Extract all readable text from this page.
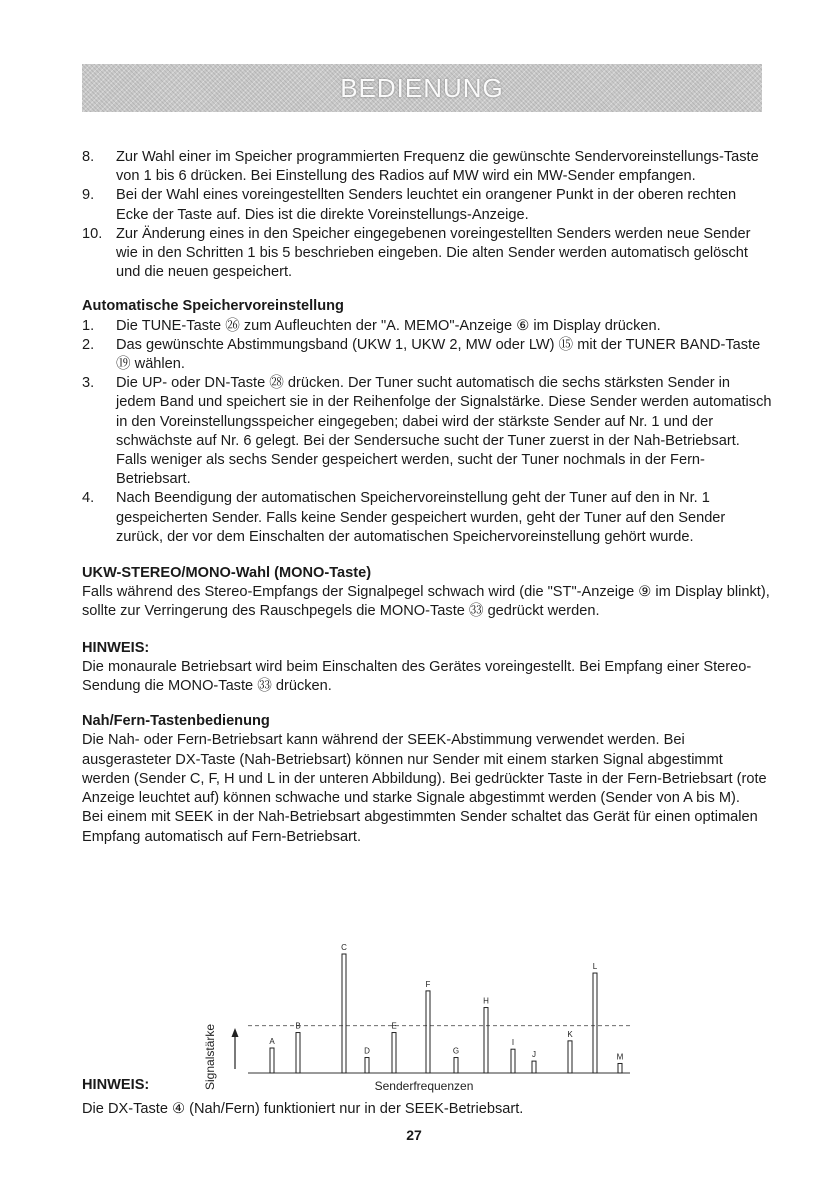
BEDIENUNG
8.	Zur Wahl einer im Speicher programmierten Frequenz die gewünschte Sendervoreinstellungs-Taste von 1 bis 6 drücken. Bei Einstellung des Radios auf MW wird ein MW-Sender empfangen.
9.	Bei der Wahl eines voreingestellten Senders leuchtet ein orangener Punkt in der oberen rechten Ecke der Taste auf. Dies ist die direkte Voreinstellungs-Anzeige.
10. Zur Änderung eines in den Speicher eingegebenen voreingestellten Senders werden neue Sender wie in den Schritten 1 bis 5 beschrieben eingeben. Die alten Sender werden automatisch gelöscht und die neuen gespeichert.
Automatische Speichervoreinstellung
1.	Die TUNE-Taste ㉖ zum Aufleuchten der "A. MEMO"-Anzeige ⑥ im Display drücken.
2.	Das gewünschte Abstimmungsband (UKW 1, UKW 2, MW oder LW) ⑮ mit der TUNER BAND-Taste ⑲ wählen.
3.	Die UP- oder DN-Taste ㉘ drücken. Der Tuner sucht automatisch die sechs stärksten Sender in jedem Band und speichert sie in der Reihenfolge der Signalstärke. Diese Sender werden automatisch in den Voreinstellungsspeicher eingegeben; dabei wird der stärkste Sender auf Nr. 1 und der schwächste auf Nr. 6 gelegt. Bei der Sendersuche sucht der Tuner zuerst in der Nah-Betriebsart. Falls weniger als sechs Sender gespeichert werden, sucht der Tuner nochmals in der Fern-Betriebsart.
4.	Nach Beendigung der automatischen Speichervoreinstellung geht der Tuner auf den in Nr. 1 gespeicherten Sender. Falls keine Sender gespeichert wurden, geht der Tuner auf den Sender zurück, der vor dem Einschalten der automatischen Speichervoreinstellung gehört wurde.
UKW-STEREO/MONO-Wahl (MONO-Taste)

Falls während des Stereo-Empfangs der Signalpegel schwach wird (die "ST"-Anzeige ⑨ im Display blinkt), sollte zur Verringerung des Rauschpegels die MONO-Taste ㉝ gedrückt werden.

HINWEIS:

Die monaurale Betriebsart wird beim Einschalten des Gerätes voreingestellt. Bei Empfang einer Stereo-Sendung die MONO-Taste ㉝ drücken.

Nah/Fern-Tastenbedienung

Die Nah- oder Fern-Betriebsart kann während der SEEK-Abstimmung verwendet werden. Bei ausgerasteter DX-Taste (Nah-Betriebsart) können nur Sender mit einem starken Signal abgestimmt werden (Sender C, F, H und L in der unteren Abbildung). Bei gedrückter Taste in der Fern-Betriebsart (rote Anzeige leuchtet auf) können schwache und starke Signale abgestimmt werden (Sender von A bis M).

Bei einem mit SEEK in der Nah-Betriebsart abgestimmten Sender schaltet das Gerät für einen optimalen Empfang automatisch auf Fern-Betriebsart.

Signalstärke	A
B
C
D
E
F
G
H
I
J
K
L
M
Senderfrequenzen
HINWEIS:
Die DX-Taste ④ (Nah/Fern) funktioniert nur in der SEEK-Betriebsart.
27
